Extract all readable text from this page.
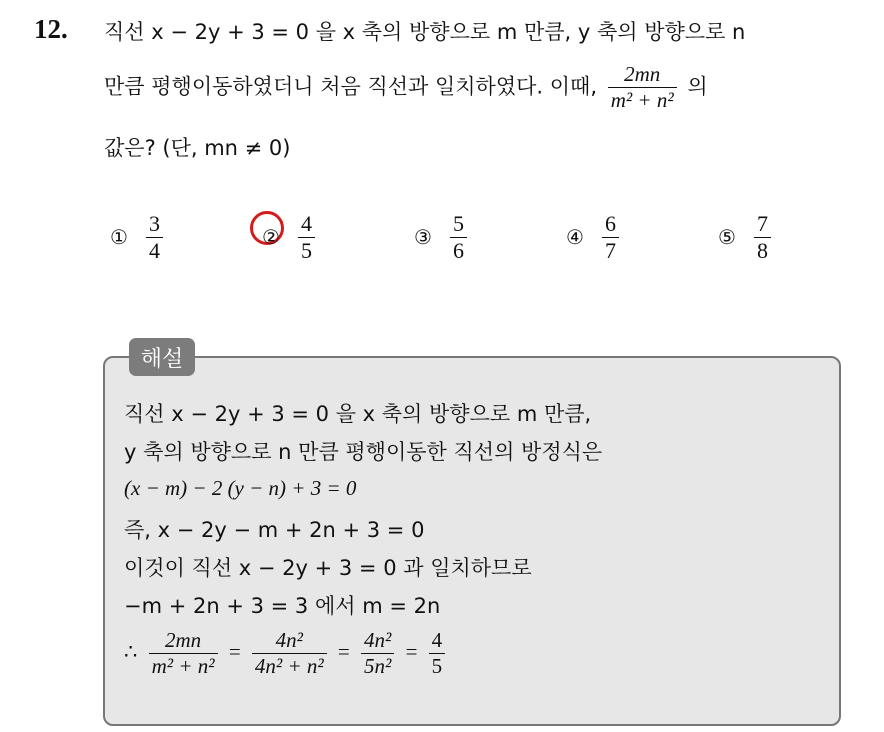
12. 직선 x − 2y + 3 = 0 을 x 축의 방향으로 m 만큼, y 축의 방향으로 n
만큼 평행이동하였더니 처음 직선과 일치하였다. 이때, $\frac{2mn}{\text{m² + n²}}$ 의
값은? (단, mn ≠ 0)
① $\frac{3}{4}$	② $\frac{4}{5}$	③ $\frac{5}{6}$	④ $\frac{6}{7}$	⑤ $\frac{7}{8}$
해설
직선 x − 2y + 3 = 0 을 x 축의 방향으로 m 만큼,
y 축의 방향으로 n 만큼 평행이동한 직선의 방정식은
(x − m) − 2 (y − n) + 3 = 0
즉, x − 2y − m + 2n + 3 = 0
이것이 직선 x − 2y + 3 = 0 과 일치하므로
−m + 2n + 3 = 3 에서 m = 2n
∴ $\frac{2mn}{\text{m² + n²}} = \frac{\text{4n²}}{\text{4n² + n²}} = \frac{\text{4n²}}{\text{5n²}} = \frac{4}{5}$
